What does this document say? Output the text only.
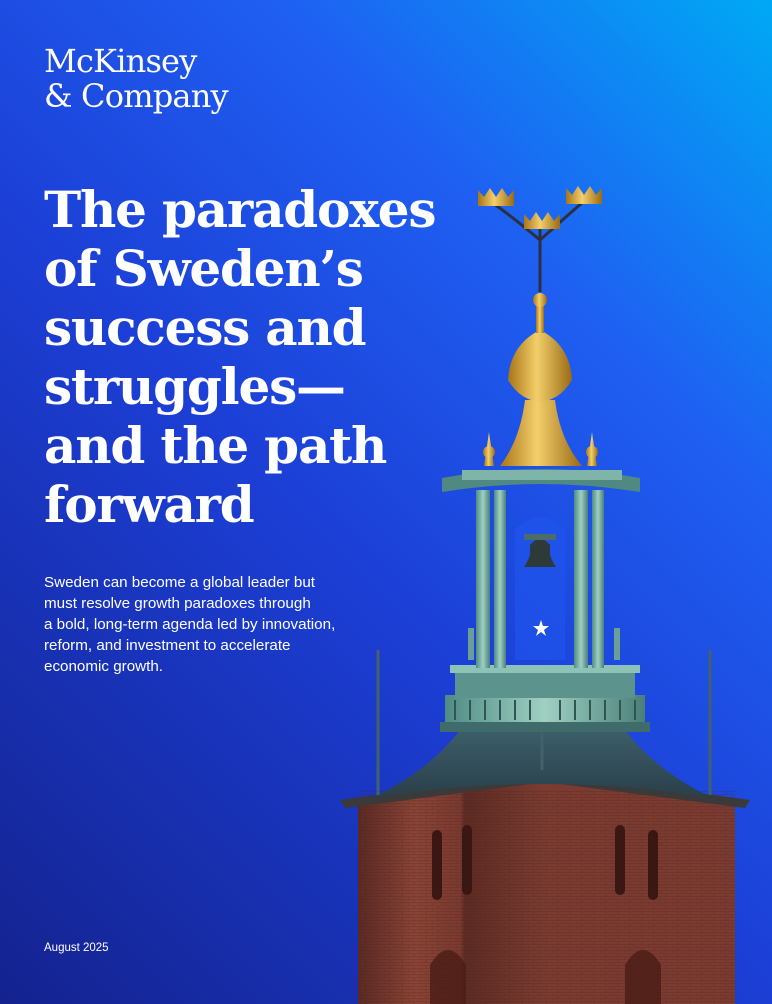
McKinsey
& Company
The paradoxes
of Sweden’s
success and
struggles—
and the path
forward

Sweden can become a global leader but
must resolve growth paradoxes through
a bold, long-term agenda led by innovation,
reform, and investment to accelerate
economic growth.

August 2025
